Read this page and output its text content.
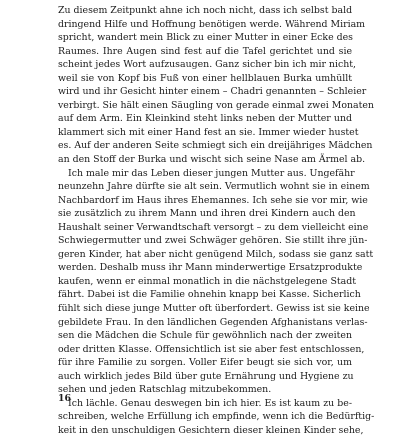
Zu diesem Zeitpunkt ahne ich noch nicht, dass ich selbst bald
dringend Hilfe und Hoffnung benötigen werde. Während Miriam
spricht, wandert mein Blick zu einer Mutter in einer Ecke des
Raumes. Ihre Augen sind fest auf die Tafel gerichtet und sie
scheint jedes Wort aufzusaugen. Ganz sicher bin ich mir nicht,
weil sie von Kopf bis Fuß von einer hellblauen Burka umhüllt
wird und ihr Gesicht hinter einem – Chadri genannten – Schleier
verbirgt. Sie hält einen Säugling von gerade einmal zwei Monaten
auf dem Arm. Ein Kleinkind steht links neben der Mutter und
klammert sich mit einer Hand fest an sie. Immer wieder hustet
es. Auf der anderen Seite schmiegt sich ein dreijähriges Mädchen
an den Stoff der Burka und wischt sich seine Nase am Ärmel ab.
Ich male mir das Leben dieser jungen Mutter aus. Ungefähr
neunzehn Jahre dürfte sie alt sein. Vermutlich wohnt sie in einem
Nachbardorf im Haus ihres Ehemannes. Ich sehe sie vor mir, wie
sie zusätzlich zu ihrem Mann und ihren drei Kindern auch den
Haushalt seiner Verwandtschaft versorgt – zu dem vielleicht eine
Schwiegermutter und zwei Schwäger gehören. Sie stillt ihre jün-
geren Kinder, hat aber nicht genügend Milch, sodass sie ganz satt
werden. Deshalb muss ihr Mann minderwertige Ersatzprodukte
kaufen, wenn er einmal monatlich in die nächstgelegene Stadt
fährt. Dabei ist die Familie ohnehin knapp bei Kasse. Sicherlich
fühlt sich diese junge Mutter oft überfordert. Gewiss ist sie keine
gebildete Frau. In den ländlichen Gegenden Afghanistans verlas-
sen die Mädchen die Schule für gewöhnlich nach der zweiten
oder dritten Klasse. Offensichtlich ist sie aber fest entschlossen,
für ihre Familie zu sorgen. Voller Eifer beugt sie sich vor, um
auch wirklich jedes Bild über gute Ernährung und Hygiene zu
sehen und jeden Ratschlag mitzubekommen.
Ich lächle. Genau deswegen bin ich hier. Es ist kaum zu be-
schreiben, welche Erfüllung ich empfinde, wenn ich die Bedürftig-
keit in den unschuldigen Gesichtern dieser kleinen Kinder sehe,
16
